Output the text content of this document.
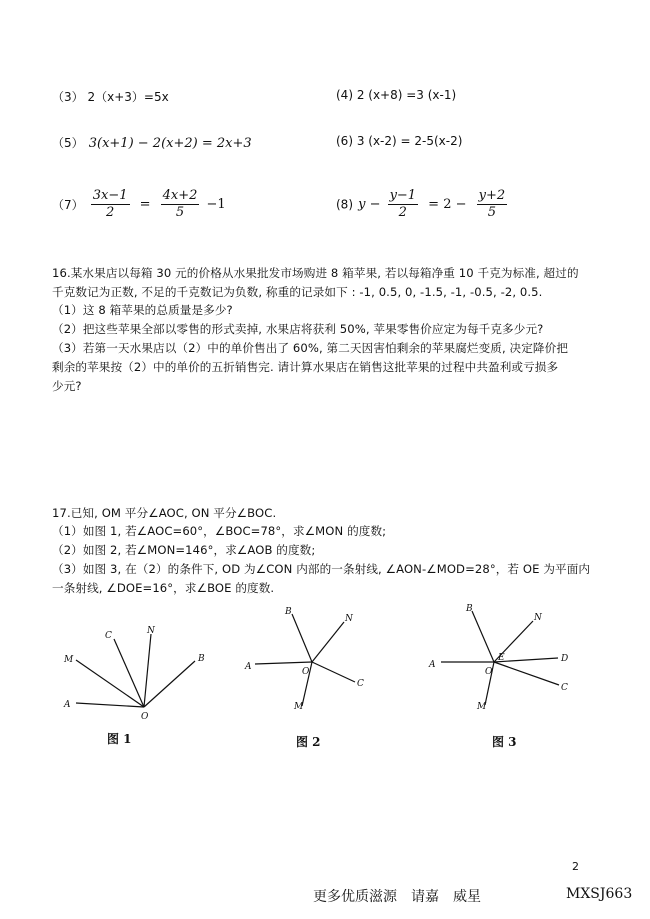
（3） 2（x+3）=5x	(4) 2 (x+8) =3 (x-1)
（5） 3(x+1) − 2(x+2) = 2x+3	(6) 3 (x-2) = 2-5(x-2)
$(7) \frac{3x-1}{2} = \frac{4x+2}{5} -1$	(8) $y - \frac{y-1}{2} = 2 - \frac{y+2}{5}$
16.某水果店以每箱 30 元的价格从水果批发市场购进 8 箱苹果, 若以每箱净重 10 千克为标准, 超过的
千克数记为正数, 不足的千克数记为负数, 称重的记录如下 : -1, 0.5, 0, -1.5, -1, -0.5, -2, 0.5.
（1）这 8 箱苹果的总质量是多少?
（2）把这些苹果全部以零售的形式卖掉, 水果店将获利 50%, 苹果零售价应定为每千克多少元?
（3）若第一天水果店以（2）中的单价售出了 60%, 第二天因害怕剩余的苹果腐烂变质, 决定降价把
剩余的苹果按（2）中的单价的五折销售完. 请计算水果店在销售这批苹果的过程中共盈利或亏损多
少元?
17.已知, OM 平分∠AOC, ON 平分∠BOC.
（1）如图 1, 若∠AOC=60°，∠BOC=78°，求∠MON 的度数;
（2）如图 2, 若∠MON=146°，求∠AOB 的度数;
（3）如图 3, 在（2）的条件下, OD 为∠CON 内部的一条射线, ∠AON-∠MOD=28°，若 OE 为平面内
一条射线, ∠DOE=16°，求∠BOE 的度数.
A
M
C	N
B
O
B
N
A	O
C
M
B
N
A
O
D
C
E
M
图 1	图 2	图 3
2
更多优质滋源　请嘉　威星	MXSJ663
